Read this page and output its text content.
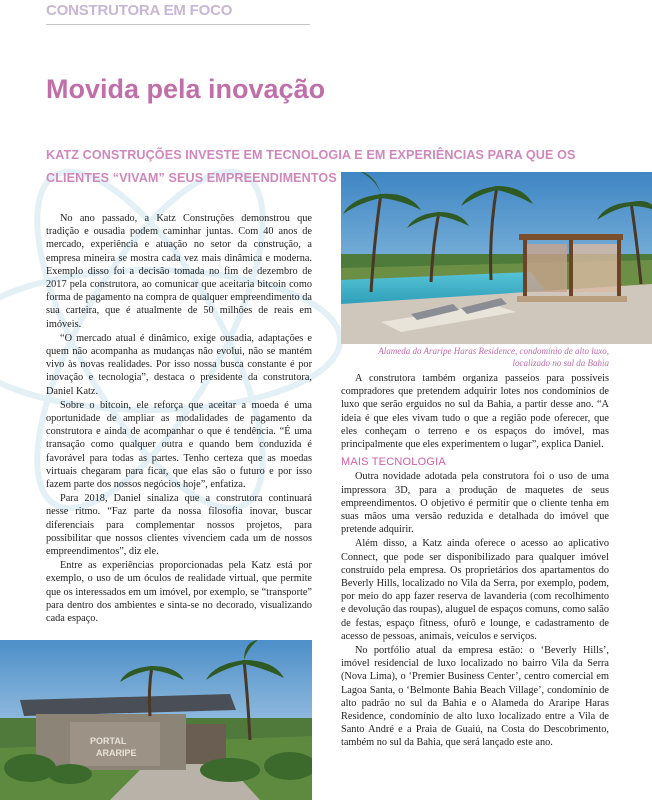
CONSTRUTORA EM FOCO
Movida pela inovação
KATZ CONSTRUÇÕES INVESTE EM TECNOLOGIA E EM EXPERIÊNCIAS PARA QUE OS CLIENTES “VIVAM” SEUS EMPREENDIMENTOS

No ano passado, a Katz Construções demonstrou que tradição e ousadia podem caminhar juntas. Com 40 anos de mercado, experiência e atuação no setor da construção, a empresa mineira se mostra cada vez mais dinâmica e moderna. Exemplo disso foi a decisão tomada no fim de dezembro de 2017 pela construtora, ao comunicar que aceitaria bitcoin como forma de pagamento na compra de qualquer empreendimento da sua carteira, que é atualmente de 50 milhões de reais em imóveis.

“O mercado atual é dinâmico, exige ousadia, adaptações e quem não acompanha as mudanças não evolui, não se mantém vivo às novas realidades. Por isso nossa busca constante é por inovação e tecnologia”, destaca o presidente da construtora, Daniel Katz.

Sobre o bitcoin, ele reforça que aceitar a moeda é uma oportunidade de ampliar as modalidades de pagamento da construtora e ainda de acompanhar o que é tendência. “É uma transação como qualquer outra e quando bem conduzida é favorável para todas as partes. Tenho certeza que as moedas virtuais chegaram para ficar, que elas são o futuro e por isso fazem parte dos nossos negócios hoje”, enfatiza.

Para 2018, Daniel sinaliza que a construtora continuará nesse ritmo. “Faz parte da nossa filosofia inovar, buscar diferenciais para complementar nossos projetos, para possibilitar que nossos clientes vivenciem cada um de nossos empreendimentos”, diz ele.

Entre as experiências proporcionadas pela Katz está por exemplo, o uso de um óculos de realidade virtual, que permite que os interessados em um imóvel, por exemplo, se “transporte” para dentro dos ambientes e sinta-se no decorado, visualizando cada espaço.

Alameda do Araripe Haras Residence, condomínio de alto luxo, localizado no sul da Bahia

A construtora também organiza passeios para possíveis compradores que pretendem adquirir lotes nos condomínios de luxo que serão erguidos no sul da Bahia, a partir desse ano. “A ideia é que eles vivam tudo o que a região pode oferecer, que eles conheçam o terreno e os espaços do imóvel, mas principalmente que eles experimentem o lugar”, explica Daniel.

MAIS TECNOLOGIA

Outra novidade adotada pela construtora foi o uso de uma impressora 3D, para a produção de maquetes de seus empreendimentos. O objetivo é permitir que o cliente tenha em suas mãos uma versão reduzida e detalhada do imóvel que pretende adquirir.

Além disso, a Katz ainda oferece o acesso ao aplicativo Connect, que pode ser disponibilizado para qualquer imóvel construído pela empresa. Os proprietários dos apartamentos do Beverly Hills, localizado no Vila da Serra, por exemplo, podem, por meio do app fazer reserva de lavanderia (com recolhimento e devolução das roupas), aluguel de espaços comuns, como salão de festas, espaço fitness, ofurô e lounge, e cadastramento de acesso de pessoas, animais, veículos e serviços.

No portfólio atual da empresa estão: o ‘Beverly Hills’, imóvel residencial de luxo localizado no bairro Vila da Serra (Nova Lima), o ‘Premier Business Center’, centro comercial em Lagoa Santa, o ‘Belmonte Bahia Beach Village’, condomínio de alto padrão no sul da Bahia e o Alameda do Araripe Haras Residence, condomínio de alto luxo localizado entre a Vila de Santo André e a Praia de Guaiú, na Costa do Descobrimento, também no sul da Bahia, que será lançado este ano.

PORTAL
ARARIPE
